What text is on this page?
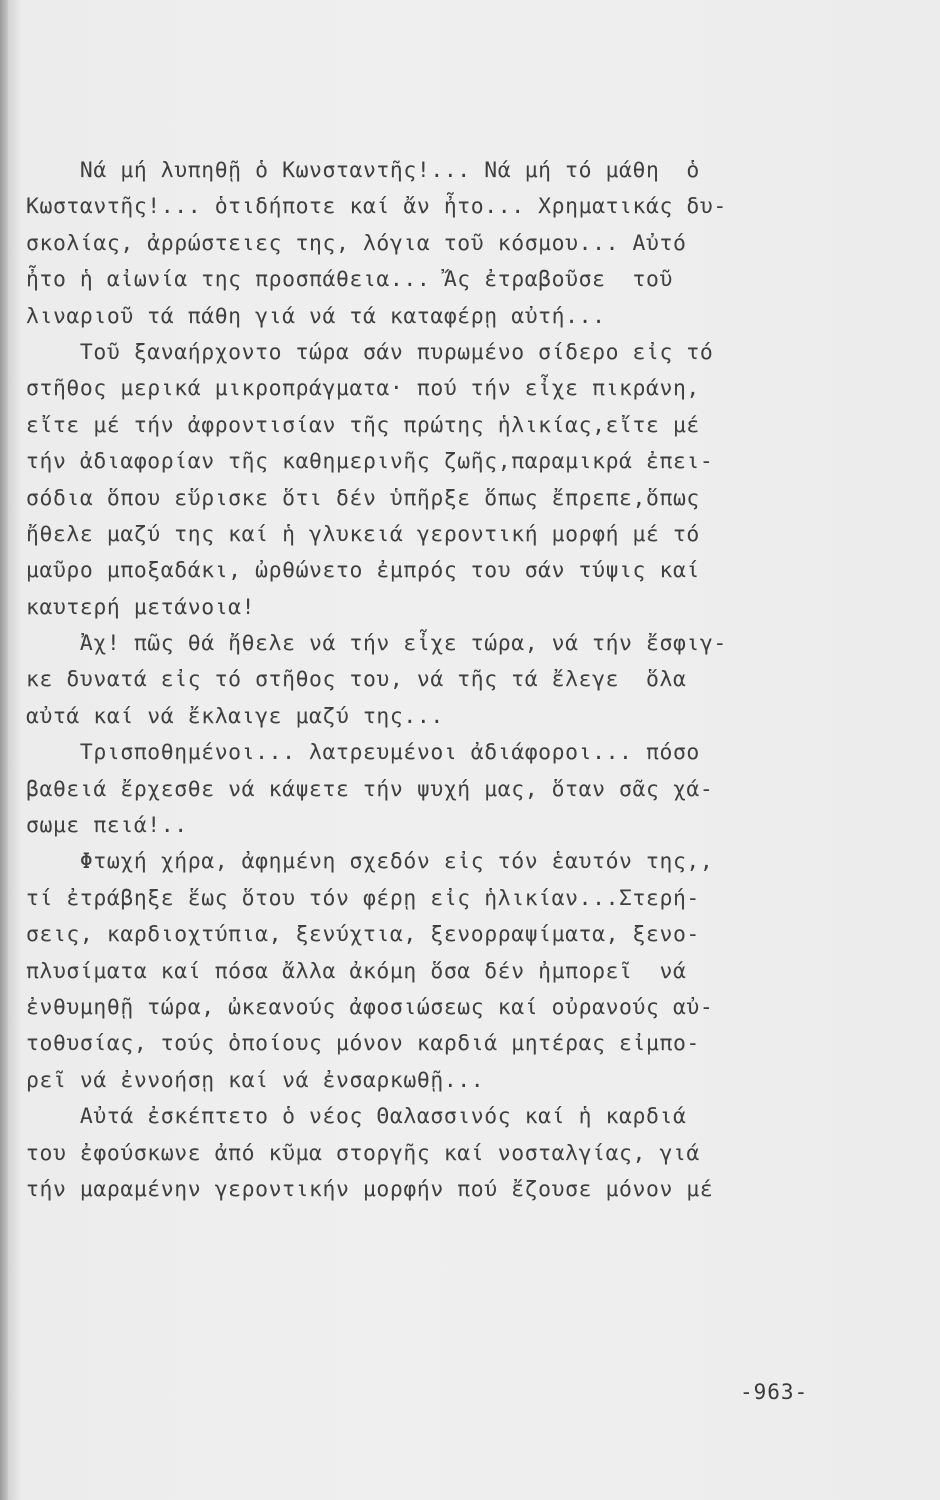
Νά μή λυπηθῇ ὁ Κωνσταντῆς!... Νά μή τό μάθη  ὁ
Κωσταντῆς!... ὁτιδήποτε καί ἄν ἦτο... Χρηματικάς δυ-
σκολίας, ἀρρώστειες της, λόγια τοῦ κόσμου... Αὐτό
ἦτο ἡ αἰωνία της προσπάθεια... Ἄς ἐτραβοῦσε  τοῦ
λιναριοῦ τά πάθη γιά νά τά καταφέρῃ αὐτή...
Τοῦ ξαναήρχοντο τώρα σάν πυρωμένο σίδερο εἰς τό
στῆθος μερικά μικροπράγματα· πού τήν εἶχε πικράνη,
εἴτε μέ τήν ἀφροντισίαν τῆς πρώτης ἡλικίας,εἴτε μέ
τήν ἀδιαφορίαν τῆς καθημερινῆς ζωῆς,παραμικρά ἐπει-
σόδια ὅπου εὕρισκε ὅτι δέν ὑπῆρξε ὅπως ἔπρεπε,ὅπως
ἤθελε μαζύ της καί ἡ γλυκειά γεροντική μορφή μέ τό
μαῦρο μποξαδάκι, ὠρθώνετο ἐμπρός του σάν τύψις καί
καυτερή μετάνοια!
Ἀχ! πῶς θά ἤθελε νά τήν εἶχε τώρα, νά τήν ἔσφιγ-
κε δυνατά εἰς τό στῆθος του, νά τῆς τά ἔλεγε  ὅλα
αὐτά καί νά ἔκλαιγε μαζύ της...
Τρισποθημένοι... λατρευμένοι ἀδιάφοροι... πόσο
βαθειά ἔρχεσθε νά κάψετε τήν ψυχή μας, ὅταν σᾶς χά-
σωμε πειά!..
Φτωχή χήρα, ἀφημένη σχεδόν εἰς τόν ἑαυτόν της,,
τί ἐτράβηξε ἕως ὅτου τόν φέρῃ εἰς ἡλικίαν...Στερή-
σεις, καρδιοχτύπια, ξενύχτια, ξενορραψίματα, ξενο-
πλυσίματα καί πόσα ἄλλα ἀκόμη ὅσα δέν ἠμπορεῖ  νά
ἐνθυμηθῇ τώρα, ὠκεανούς ἀφοσιώσεως καί οὐρανούς αὐ-
τοθυσίας, τούς ὁποίους μόνον καρδιά μητέρας εἰμπο-
ρεῖ νά ἐννοήσῃ καί νά ἐνσαρκωθῇ...
Αὐτά ἐσκέπτετο ὁ νέος Θαλασσινός καί ἡ καρδιά
του ἐφούσκωνε ἀπό κῦμα στοργῆς καί νοσταλγίας, γιά
τήν μαραμένην γεροντικήν μορφήν πού ἔζουσε μόνον μέ
-963-
